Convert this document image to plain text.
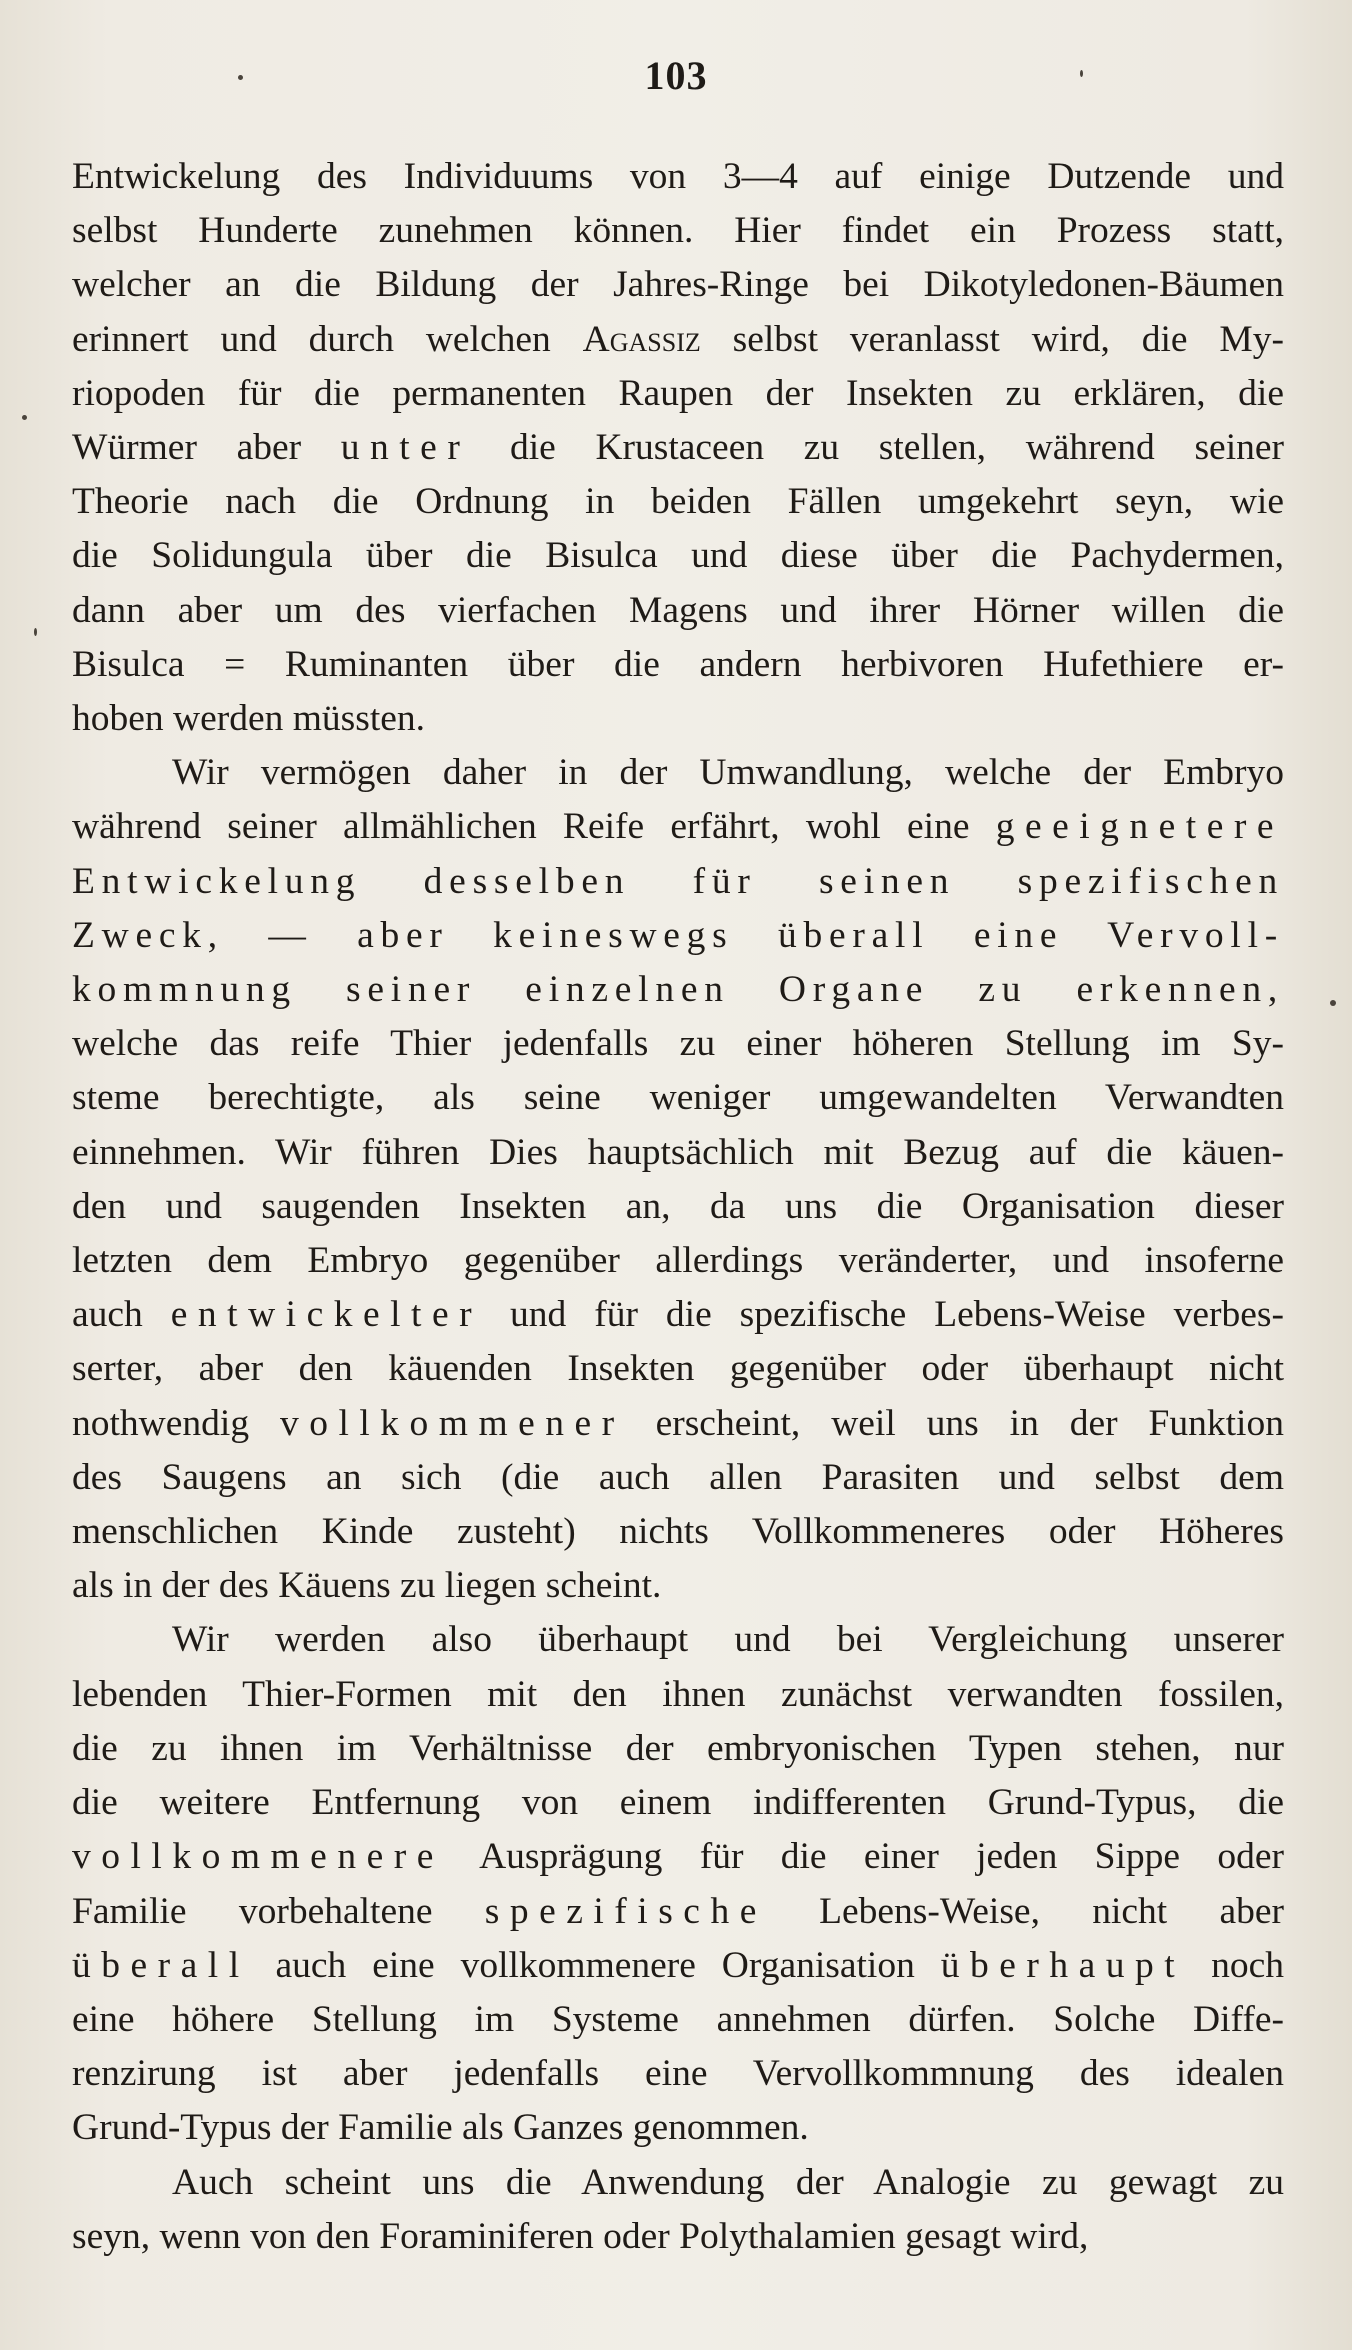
103
Entwickelung des Individuums von 3—4 auf einige Dutzende und
selbst Hunderte zunehmen können. Hier findet ein Prozess statt,
welcher an die Bildung der Jahres-Ringe bei Dikotyledonen-Bäumen
erinnert und durch welchen Agassiz selbst veranlasst wird, die My-
riopoden für die permanenten Raupen der Insekten zu erklären, die
Würmer aber unter die Krustaceen zu stellen, während seiner
Theorie nach die Ordnung in beiden Fällen umgekehrt seyn, wie
die Solidungula über die Bisulca und diese über die Pachydermen,
dann aber um des vierfachen Magens und ihrer Hörner willen die
Bisulca = Ruminanten über die andern herbivoren Hufethiere er-
hoben werden müssten.
Wir vermögen daher in der Umwandlung, welche der Embryo
während seiner allmählichen Reife erfährt, wohl eine geeignetere
Entwickelung desselben für seinen spezifischen
Zweck, — aber keineswegs überall eine Vervoll-
kommnung seiner einzelnen Organe zu erkennen,
welche das reife Thier jedenfalls zu einer höheren Stellung im Sy-
steme berechtigte, als seine weniger umgewandelten Verwandten
einnehmen. Wir führen Dies hauptsächlich mit Bezug auf die käuen-
den und saugenden Insekten an, da uns die Organisation dieser
letzten dem Embryo gegenüber allerdings veränderter, und insoferne
auch entwickelter und für die spezifische Lebens-Weise verbes-
serter, aber den käuenden Insekten gegenüber oder überhaupt nicht
nothwendig vollkommener erscheint, weil uns in der Funktion
des Saugens an sich (die auch allen Parasiten und selbst dem
menschlichen Kinde zusteht) nichts Vollkommeneres oder Höheres
als in der des Käuens zu liegen scheint.
Wir werden also überhaupt und bei Vergleichung unserer
lebenden Thier-Formen mit den ihnen zunächst verwandten fossilen,
die zu ihnen im Verhältnisse der embryonischen Typen stehen, nur
die weitere Entfernung von einem indifferenten Grund-Typus, die
vollkommenere Ausprägung für die einer jeden Sippe oder
Familie vorbehaltene spezifische Lebens-Weise, nicht aber
überall auch eine vollkommenere Organisation überhaupt noch
eine höhere Stellung im Systeme annehmen dürfen. Solche Diffe-
renzirung ist aber jedenfalls eine Vervollkommnung des idealen
Grund-Typus der Familie als Ganzes genommen.
Auch scheint uns die Anwendung der Analogie zu gewagt zu
seyn, wenn von den Foraminiferen oder Polythalamien gesagt wird,
